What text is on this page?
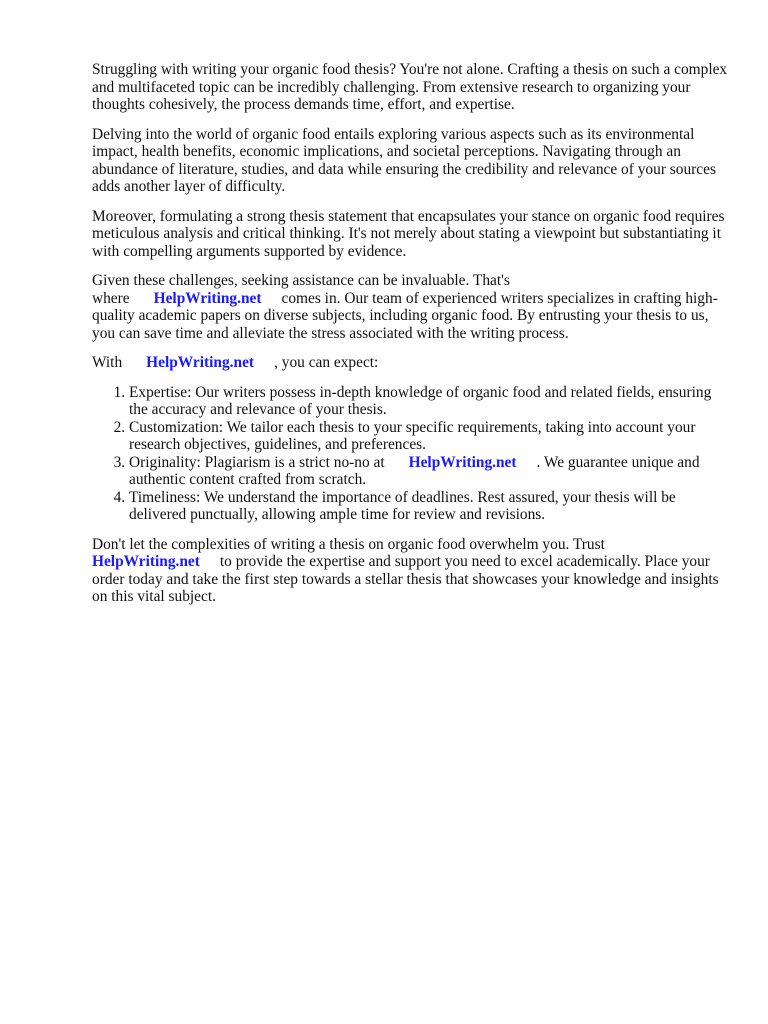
Struggling with writing your organic food thesis? You're not alone. Crafting a thesis on such a complex and multifaceted topic can be incredibly challenging. From extensive research to organizing your thoughts cohesively, the process demands time, effort, and expertise.

Delving into the world of organic food entails exploring various aspects such as its environmental impact, health benefits, economic implications, and societal perceptions. Navigating through an abundance of literature, studies, and data while ensuring the credibility and relevance of your sources adds another layer of difficulty.

Moreover, formulating a strong thesis statement that encapsulates your stance on organic food requires meticulous analysis and critical thinking. It's not merely about stating a viewpoint but substantiating it with compelling arguments supported by evidence.

Given these challenges, seeking assistance can be invaluable. That's where HelpWriting.net comes in. Our team of experienced writers specializes in crafting high-quality academic papers on diverse subjects, including organic food. By entrusting your thesis to us, you can save time and alleviate the stress associated with the writing process.

With HelpWriting.net , you can expect:

1. Expertise: Our writers possess in-depth knowledge of organic food and related fields, ensuring the accuracy and relevance of your thesis.
2. Customization: We tailor each thesis to your specific requirements, taking into account your research objectives, guidelines, and preferences.
3. Originality: Plagiarism is a strict no-no at HelpWriting.net . We guarantee unique and authentic content crafted from scratch.
4. Timeliness: We understand the importance of deadlines. Rest assured, your thesis will be delivered punctually, allowing ample time for review and revisions.

Don't let the complexities of writing a thesis on organic food overwhelm you. Trust HelpWriting.net to provide the expertise and support you need to excel academically. Place your order today and take the first step towards a stellar thesis that showcases your knowledge and insights on this vital subject.
